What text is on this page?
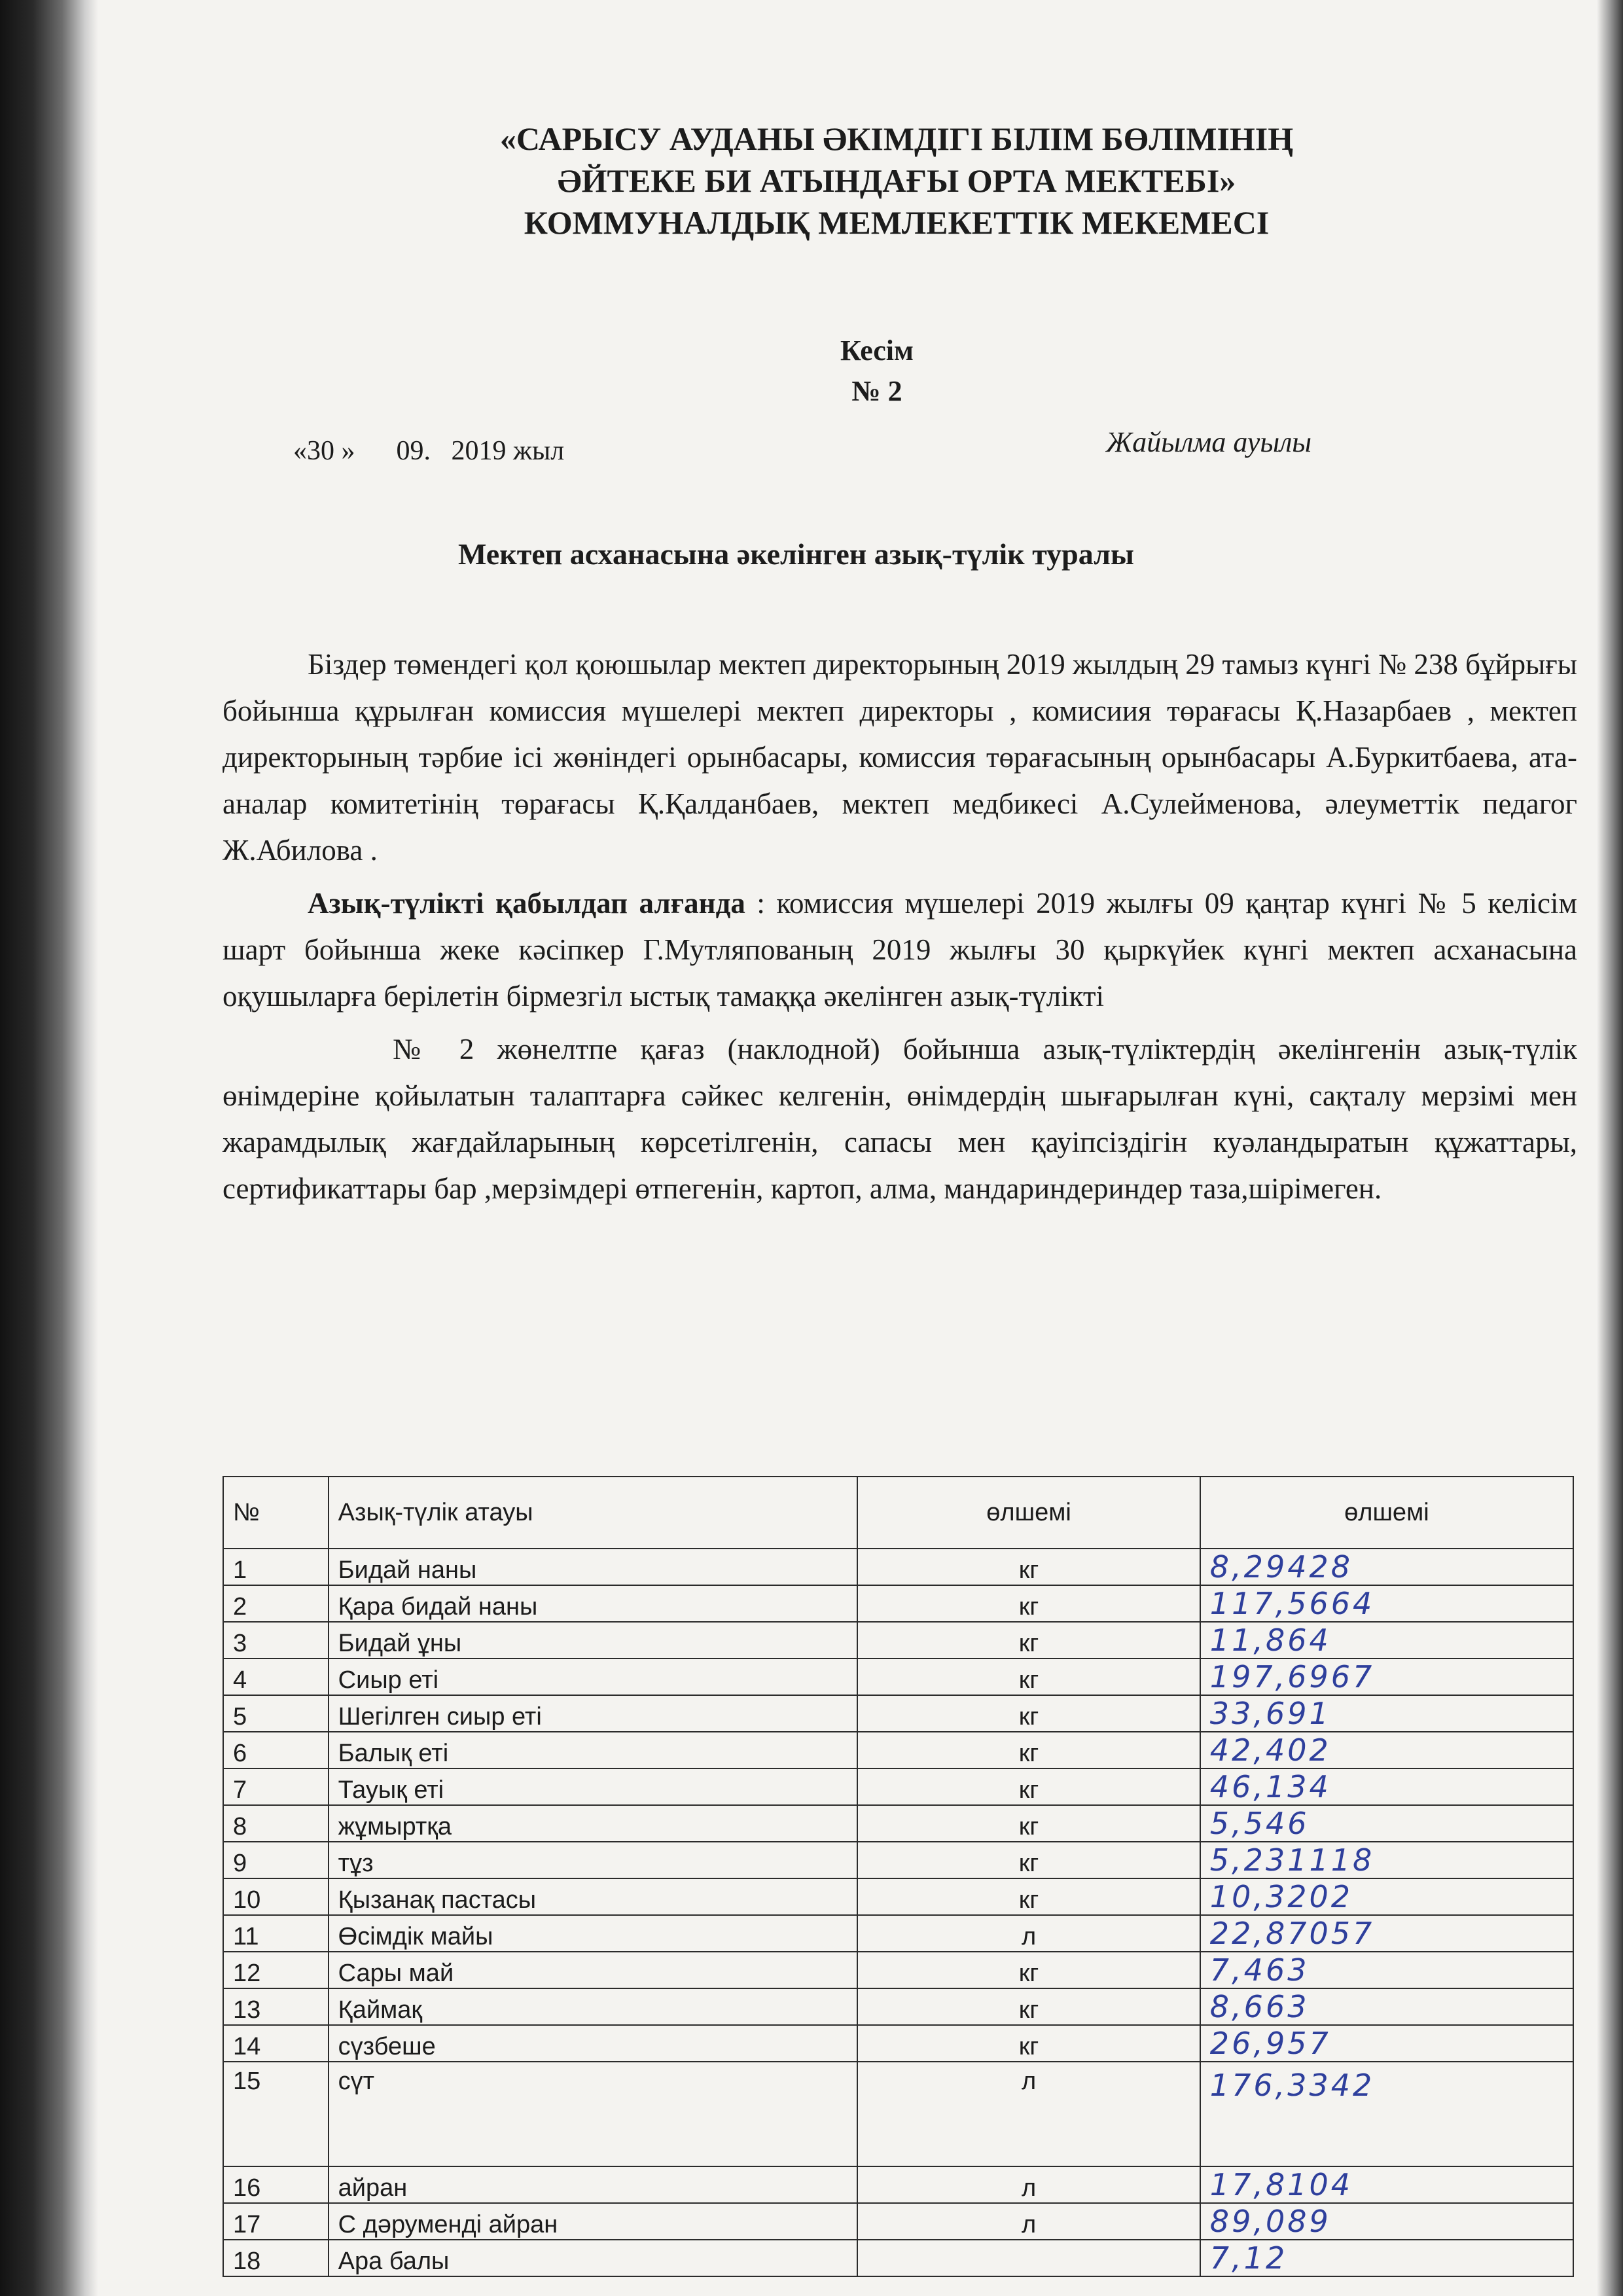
«САРЫСУ АУДАНЫ ӘКІМДІГІ БІЛІМ БӨЛІМІНІҢ
ӘЙТЕКЕ БИ АТЫНДАҒЫ ОРТА МЕКТЕБІ»
КОММУНАЛДЫҚ МЕМЛЕКЕТТІК МЕКЕМЕСІ
Кесім
№ 2
«30 »      09.   2019 жыл	Жайылма ауылы
Мектеп асханасына әкелінген азық-түлік туралы

Біздер төмендегі қол қоюшылар мектеп директорының 2019 жылдың 29 тамыз күнгі № 238 бұйрығы бойынша құрылған комиссия мүшелері мектеп директоры , комисиия төрағасы Қ.Назарбаев , мектеп директорының тәрбие ісі жөніндегі орынбасары, комиссия төрағасының орынбасары А.Буркитбаева, ата-аналар комитетінің төрағасы Қ.Қалданбаев, мектеп медбикесі А.Сулейменова, әлеуметтік педагог Ж.Абилова .

Азық-түлікті қабылдап алғанда : комиссия мүшелері 2019 жылғы 09 қаңтар күнгі № 5 келісім шарт бойынша жеке кәсіпкер Г.Мутляпованың 2019 жылғы 30 қыркүйек күнгі мектеп асханасына оқушыларға берілетін бірмезгіл ыстық тамаққа әкелінген азық-түлікті

№ 2 жөнелтпе қағаз (наклодной) бойынша азық-түліктердің әкелінгенін азық-түлік өнімдеріне қойылатын талаптарға сәйкес келгенін, өнімдердің шығарылған күні, сақталу мерзімі мен жарамдылық жағдайларының көрсетілгенін, сапасы мен қауіпсіздігін куәландыратын құжаттары, сертификаттары бар ,мерзімдері өтпегенін, картоп, алма, мандариндериндер таза,шірімеген.

№	Азық-түлік атауы	өлшемі	өлшемі
1	Бидай наны	кг	8,29428
2	Қара бидай наны	кг	117,5664
3	Бидай ұны	кг	11,864
4	Сиыр еті	кг	197,6967
5	Шегілген сиыр еті	кг	33,691
6	Балық еті	кг	42,402
7	Тауық еті	кг	46,134
8	жұмыртқа	кг	5,546
9	тұз	кг	5,231118
10	Қызанақ пастасы	кг	10,3202
11	Өсімдік майы	л	22,87057
12	Сары май	кг	7,463
13	Қаймақ	кг	8,663
14	сүзбеше	кг	26,957
15	сүт	л	176,3342
16	айран	л	17,8104
17	С дәруменді айран	л	89,089
18	Ара балы		7,12
